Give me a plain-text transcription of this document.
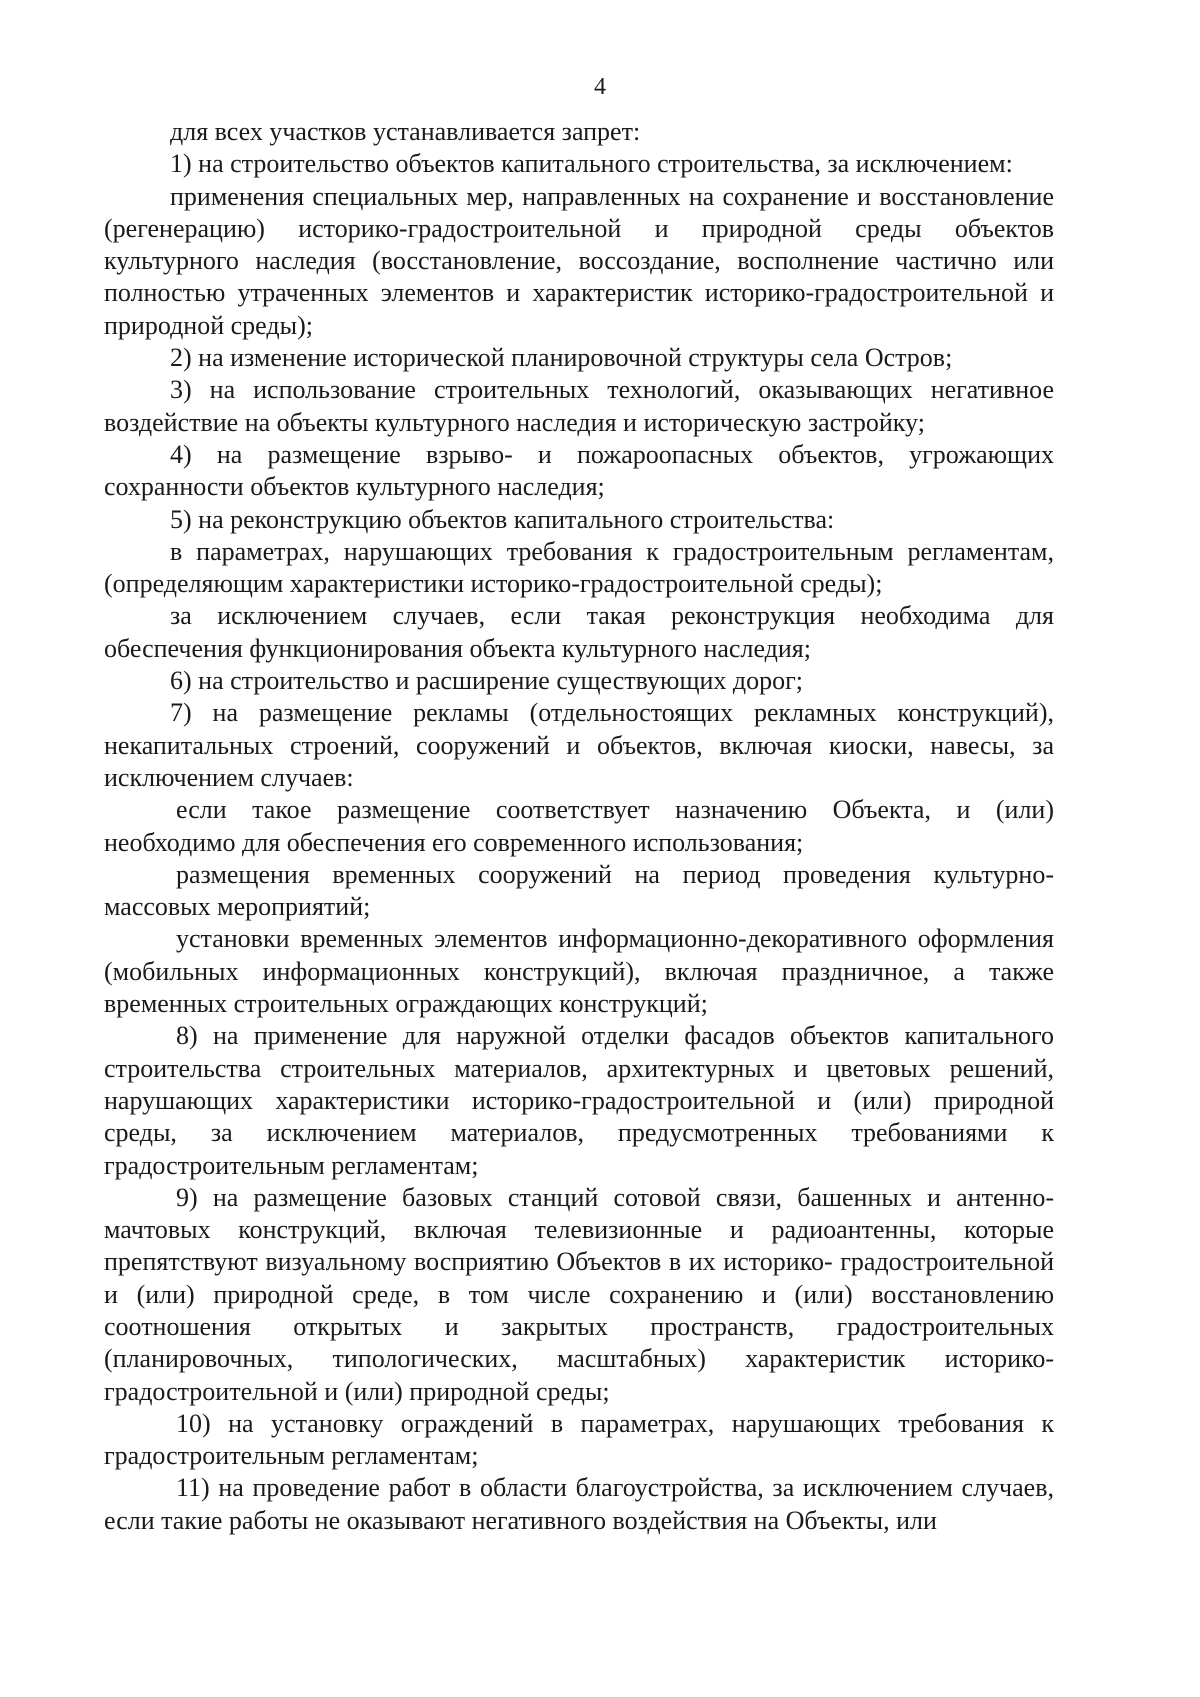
4

для всех участков устанавливается запрет:

1) на строительство объектов капитального строительства, за исключением:

применения специальных мер, направленных на сохранение и восстановление (регенерацию) историко-градостроительной и природной среды объектов культурного наследия (восстановление, воссоздание, восполнение частично или полностью утраченных элементов и характеристик историко-градостроительной и природной среды);

2) на изменение исторической планировочной структуры села Остров;

3) на использование строительных технологий, оказывающих негативное воздействие на объекты культурного наследия и историческую застройку;

4) на размещение взрыво- и пожароопасных объектов, угрожающих сохранности объектов культурного наследия;

5) на реконструкцию объектов капитального строительства:

в параметрах, нарушающих требования к градостроительным регламентам, (определяющим характеристики историко-градостроительной среды);

за исключением случаев, если такая реконструкция необходима для обеспечения функционирования объекта культурного наследия;

6) на строительство и расширение существующих дорог;

7) на размещение рекламы (отдельностоящих рекламных конструкций), некапитальных строений, сооружений и объектов, включая киоски, навесы, за исключением случаев:

если такое размещение соответствует назначению Объекта, и (или) необходимо для обеспечения его современного использования;

размещения временных сооружений на период проведения культурно-массовых мероприятий;

установки временных элементов информационно-декоративного оформления (мобильных информационных конструкций), включая праздничное, а также временных строительных ограждающих конструкций;

8) на применение для наружной отделки фасадов объектов капитального строительства строительных материалов, архитектурных и цветовых решений, нарушающих характеристики историко-градостроительной и (или) природной среды, за исключением материалов, предусмотренных требованиями к градостроительным регламентам;

9) на размещение базовых станций сотовой связи, башенных и антенно-мачтовых конструкций, включая телевизионные и радиоантенны, которые препятствуют визуальному восприятию Объектов в их историко- градостроительной и (или) природной среде, в том числе сохранению и (или) восстановлению соотношения открытых и закрытых пространств, градостроительных (планировочных, типологических, масштабных) характеристик историко-градостроительной и (или) природной среды;

10) на установку ограждений в параметрах, нарушающих требования к градостроительным регламентам;

11) на проведение работ в области благоустройства, за исключением случаев, если такие работы не оказывают негативного воздействия на Объекты, или
